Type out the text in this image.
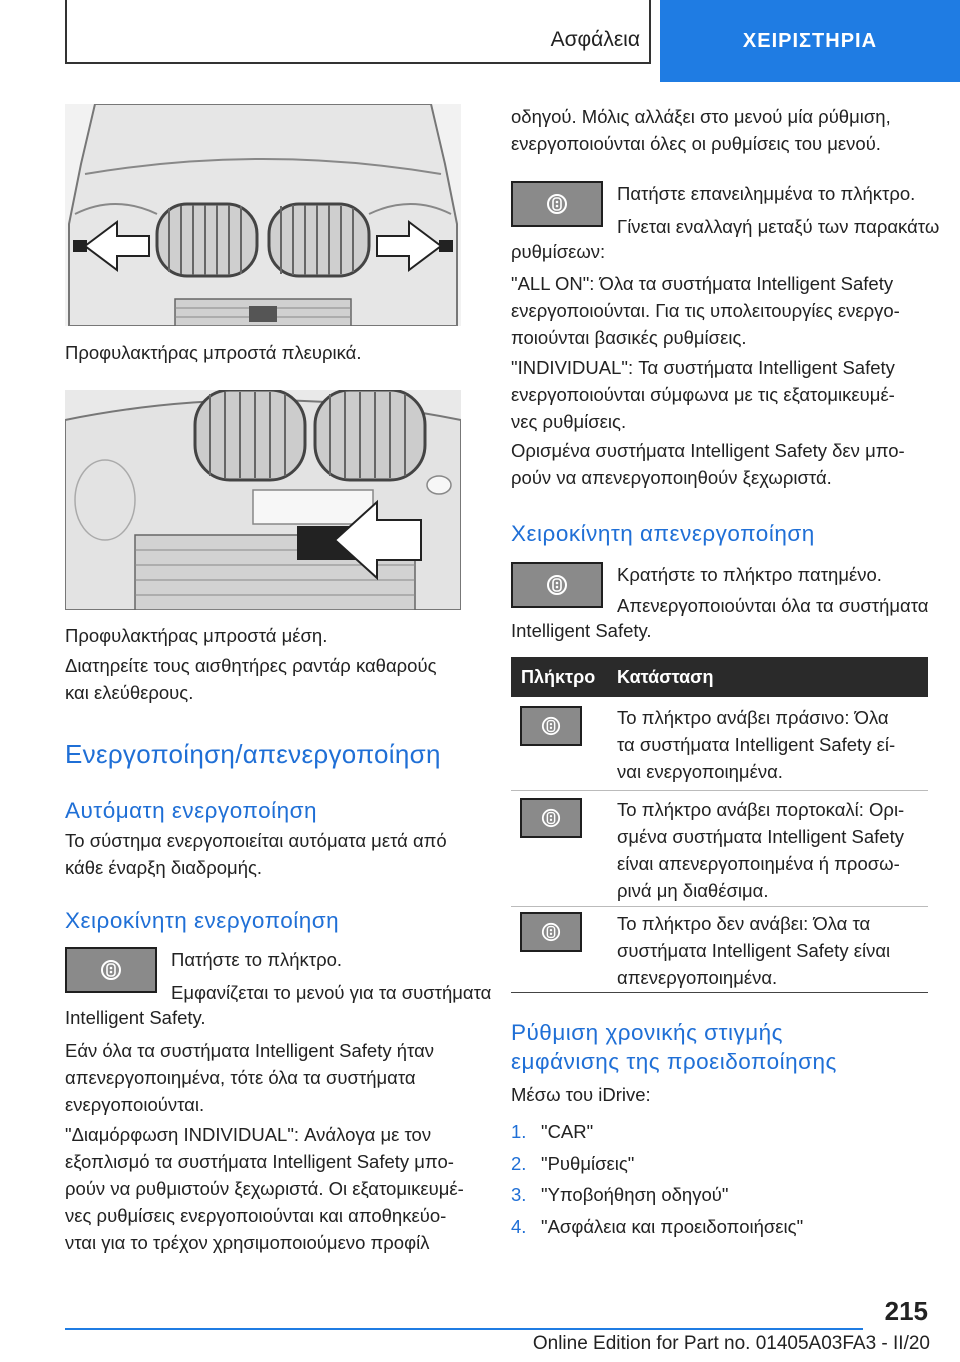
Ασφάλεια	ΧΕΙΡΙΣΤΗΡΙΑ
Προφυλακτήρας μπροστά πλευρικά.
Προφυλακτήρας μπροστά μέση.
Διατηρείτε τους αισθητήρες ραντάρ καθαρούς
και ελεύθερους.
Ενεργοποίηση/απενεργοποίηση
Αυτόματη ενεργοποίηση
Το σύστημα ενεργοποιείται αυτόματα μετά από
κάθε έναρξη διαδρομής.
Χειροκίνητη ενεργοποίηση
Πατήστε το πλήκτρο.
Εμφανίζεται το μενού για τα συστήματα
Intelligent Safety.
Εάν όλα τα συστήματα Intelligent Safety ήταν
απενεργοποιημένα, τότε όλα τα συστήματα
ενεργοποιούνται.
"Διαμόρφωση INDIVIDUAL": Ανάλογα με τον
εξοπλισμό τα συστήματα Intelligent Safety μπο-
ρούν να ρυθμιστούν ξεχωριστά. Οι εξατομικευμέ-
νες ρυθμίσεις ενεργοποιούνται και αποθηκεύο-
νται για το τρέχον χρησιμοποιούμενο προφίλ
οδηγού. Μόλις αλλάξει στο μενού μία ρύθμιση,
ενεργοποιούνται όλες οι ρυθμίσεις του μενού.
Πατήστε επανειλημμένα το πλήκτρο.
Γίνεται εναλλαγή μεταξύ των παρακάτω
ρυθμίσεων:
"ALL ON": Όλα τα συστήματα Intelligent Safety
ενεργοποιούνται. Για τις υπολειτουργίες ενεργο-
ποιούνται βασικές ρυθμίσεις.
"INDIVIDUAL": Τα συστήματα Intelligent Safety
ενεργοποιούνται σύμφωνα με τις εξατομικευμέ-
νες ρυθμίσεις.
Ορισμένα συστήματα Intelligent Safety δεν μπο-
ρούν να απενεργοποιηθούν ξεχωριστά.
Χειροκίνητη απενεργοποίηση
Κρατήστε το πλήκτρο πατημένο.
Απενεργοποιούνται όλα τα συστήματα
Intelligent Safety.
Πλήκτρο Κατάσταση
Το πλήκτρο ανάβει πράσινο: Όλα
τα συστήματα Intelligent Safety εί-
ναι ενεργοποιημένα.
Το πλήκτρο ανάβει πορτοκαλί: Ορι-
σμένα συστήματα Intelligent Safety
είναι απενεργοποιημένα ή προσω-
ρινά μη διαθέσιμα.
Το πλήκτρο δεν ανάβει: Όλα τα
συστήματα Intelligent Safety είναι
απενεργοποιημένα.
Ρύθμιση χρονικής στιγμής
εμφάνισης της προειδοποίησης
Μέσω του iDrive:
1. "CAR"
2. "Ρυθμίσεις"
3. "Υποβοήθηση οδηγού"
4. "Ασφάλεια και προειδοποιήσεις"
215
Online Edition for Part no. 01405A03FA3 - II/20
